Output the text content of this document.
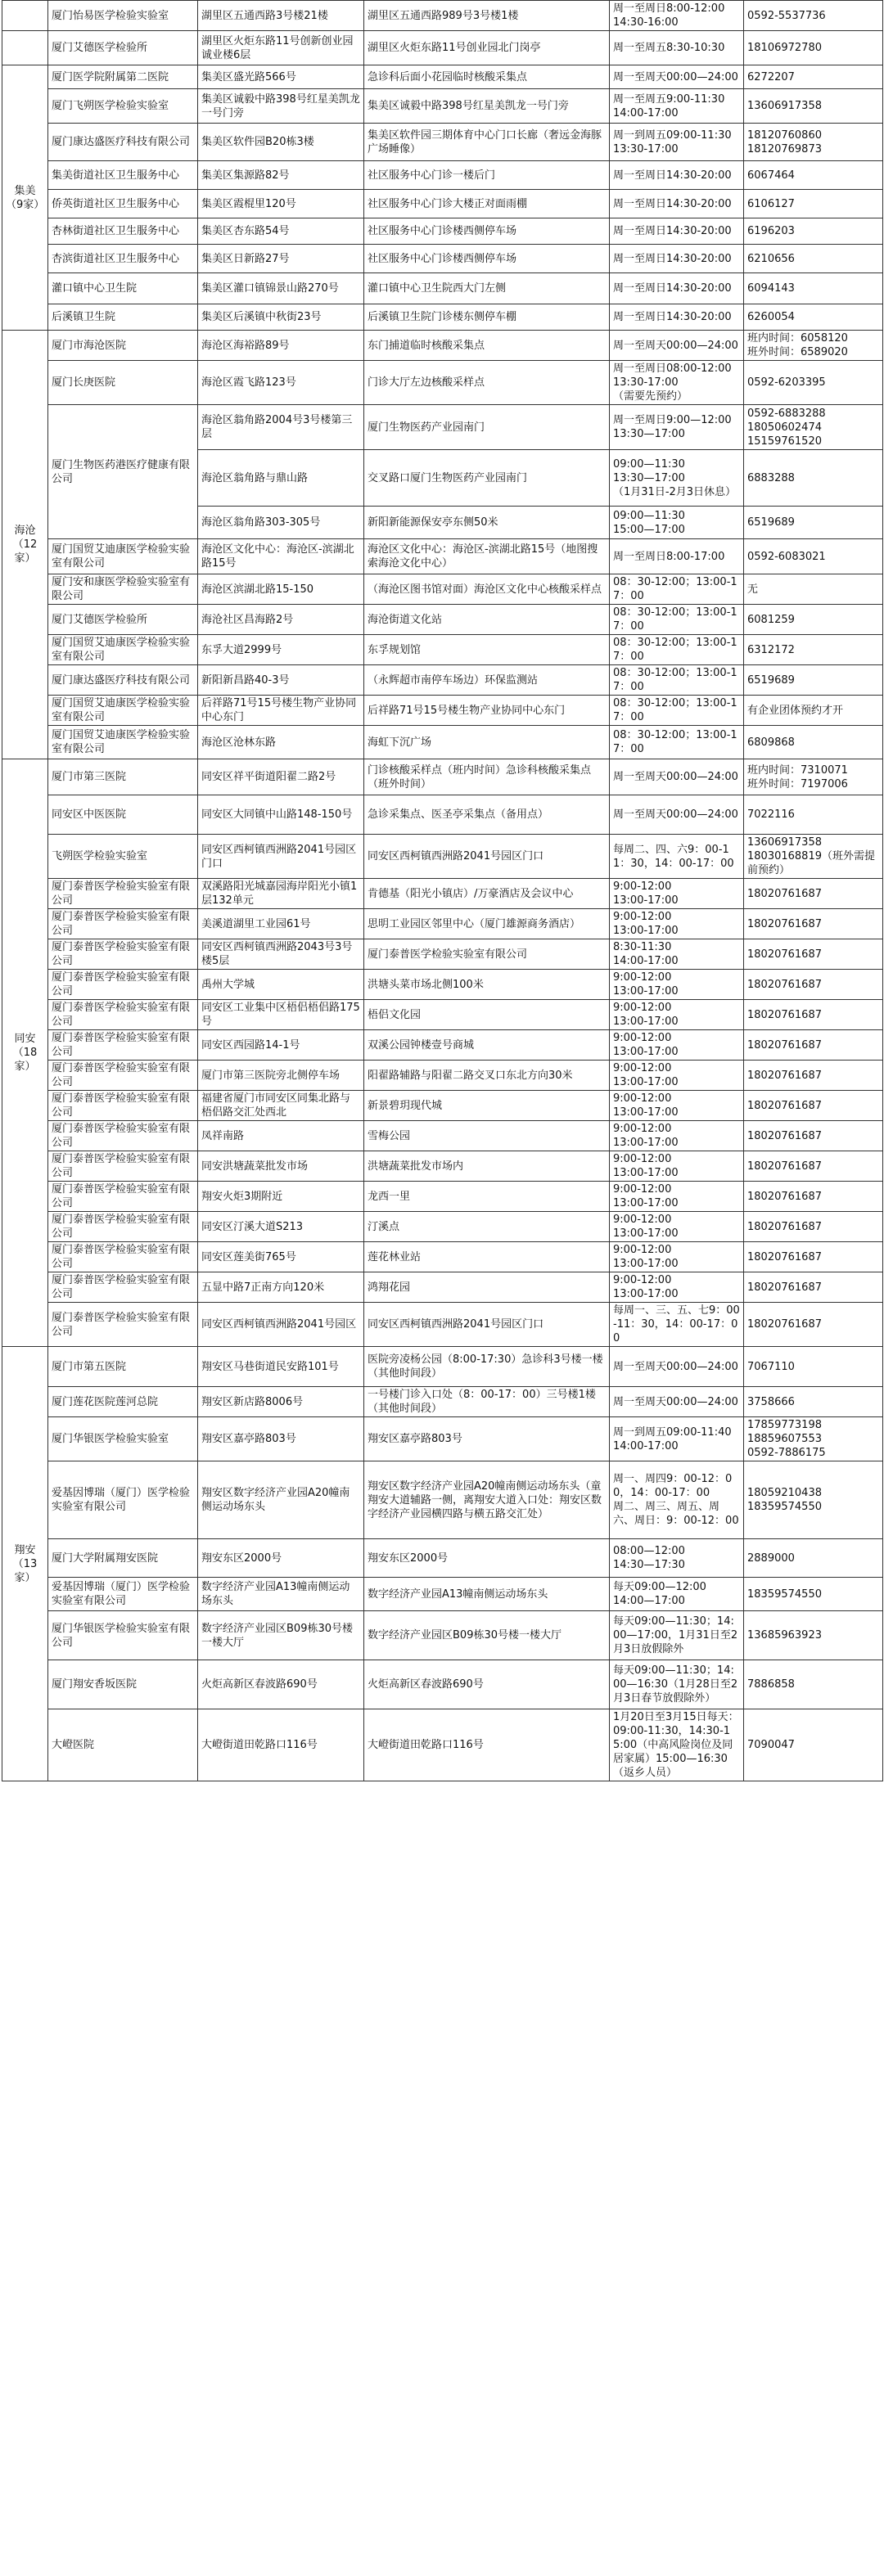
	厦门怡易医学检验实验室	湖里区五通西路3号楼21楼	湖里区五通西路989号3号楼1楼	周一至周日8:00-12:00
14:30-16:00	0592-5537736
	厦门艾德医学检验所	湖里区火炬东路11号创新创业园诚业楼6层	湖里区火炬东路11号创业园北门岗亭	周一至周五8:30-10:30	18106972780
集美（9家）	厦门医学院附属第二医院	集美区盛光路566号	急诊科后面小花园临时核酸采集点	周一至周天00:00—24:00	6272207
	厦门飞朔医学检验实验室	集美区诚毅中路398号红星美凯龙一号门旁	集美区诚毅中路398号红星美凯龙一号门旁	周一至周五9:00-11:30
14:00-17:00	13606917358
	厦门康达盛医疗科技有限公司	集美区软件园B20栋3楼	集美区软件园三期体育中心门口长廊（奢远金海豚广场睡像）	周一到周五09:00-11:30
13:30-17:00	18120760860
18120769873
	集美街道社区卫生服务中心	集美区集源路82号	社区服务中心门诊一楼后门	周一至周日14:30-20:00	6067464
	侨英街道社区卫生服务中心	集美区霞棍里120号	社区服务中心门诊大楼正对面雨棚	周一至周日14:30-20:00	6106127
	杏林街道社区卫生服务中心	集美区杏东路54号	社区服务中心门诊楼西侧停车场	周一至周日14:30-20:00	6196203
	杏滨街道社区卫生服务中心	集美区日新路27号	社区服务中心门诊楼西侧停车场	周一至周日14:30-20:00	6210656
	灌口镇中心卫生院	集美区灌口镇锦景山路270号	灌口镇中心卫生院西大门左侧	周一至周日14:30-20:00	6094143
	后溪镇卫生院	集美区后溪镇中秋街23号	后溪镇卫生院门诊楼东侧停车棚	周一至周日14:30-20:00	6260054
海沧（12家）	厦门市海沧医院	海沧区海裕路89号	东门捕道临时核酸采集点	周一至周天00:00—24:00	班内时间：6058120
班外时间：6589020
	厦门长庚医院	海沧区霞飞路123号	门诊大厅左边核酸采样点	周一至周日08:00-12:00
13:30-17:00
（需要先预约）	0592-6203395
	厦门生物医药港医疗健康有限公司	海沧区翁角路2004号3号楼第三层	厦门生物医药产业园南门	周一至周日9:00—12:00
13:30—17:00	0592-6883288
18050602474
15159761520
		海沧区翁角路与鼎山路	交叉路口厦门生物医药产业园南门	09:00—11:30
13:30—17:00
（1月31日-2月3日休息）	6883288
		海沧区翁角路303-305号	新阳新能源保安亭东侧50米	09:00—11:30
15:00—17:00	6519689
	厦门国贸艾迪康医学检验实验室有限公司	海沧区文化中心：海沧区-滨湖北路15号	海沧区文化中心：海沧区-滨湖北路15号（地图搜索海沧文化中心）	周一至周日8:00-17:00	0592-6083021
	厦门安和康医学检验实验室有限公司	海沧区滨湖北路15-150	（海沧区图书馆对面）海沧区文化中心核酸采样点	08：30-12:00；13:00-17：00	无
	厦门艾德医学检验所	海沧社区昌海路2号	海沧街道文化站	08：30-12:00；13:00-17：00	6081259
	厦门国贸艾迪康医学检验实验室有限公司	东孚大道2999号	东孚规划馆	08：30-12:00；13:00-17：00	6312172
	厦门康达盛医疗科技有限公司	新阳新昌路40-3号	（永辉超市南停车场边）环保监测站	08：30-12:00；13:00-17：00	6519689
	厦门国贸艾迪康医学检验实验室有限公司	后祥路71号15号楼生物产业协同中心东门	后祥路71号15号楼生物产业协同中心东门	08：30-12:00；13:00-17：00	有企业团体预约才开
	厦门国贸艾迪康医学检验实验室有限公司	海沧区沧林东路	海虹下沉广场	08：30-12:00；13:00-17：00	6809868
同安（18家）	厦门市第三医院	同安区祥平街道阳翟二路2号	门诊核酸采样点（班内时间）急诊科核酸采集点（班外时间）	周一至周天00:00—24:00	班内时间：7310071
班外时间：7197006
	同安区中医医院	同安区大同镇中山路148-150号	急诊采集点、医圣亭采集点（备用点）	周一至周天00:00—24:00	7022116
	飞朔医学检验实验室	同安区西柯镇西洲路2041号园区门口	同安区西柯镇西洲路2041号园区门口	每周二、四、六9：00-11：30，14：00-17：00	13606917358
18030168819（班外需提前预约）
	厦门泰普医学检验实验室有限公司	双溪路阳光城嘉园海岸阳光小镇1层132单元	肯德基（阳光小镇店）/万豪酒店及会议中心	9:00-12:00
13:00-17:00	18020761687
	厦门泰普医学检验实验室有限公司	美溪道湖里工业园61号	思明工业园区邻里中心（厦门雄源商务酒店）	9:00-12:00
13:00-17:00	18020761687
	厦门泰普医学检验实验室有限公司	同安区西柯镇西洲路2043号3号楼5层	厦门泰普医学检验实验室有限公司	8:30-11:30
14:00-17:00	18020761687
	厦门泰普医学检验实验室有限公司	禹州大学城	洪塘头菜市场北侧100米	9:00-12:00
13:00-17:00	18020761687
	厦门泰普医学检验实验室有限公司	同安区工业集中区梧侣梧侣路175号	梧侣文化园	9:00-12:00
13:00-17:00	18020761687
	厦门泰普医学检验实验室有限公司	同安区西园路14-1号	双溪公园钟楼壹号商城	9:00-12:00
13:00-17:00	18020761687
	厦门泰普医学检验实验室有限公司	厦门市第三医院旁北侧停车场	阳翟路辅路与阳翟二路交叉口东北方向30米	9:00-12:00
13:00-17:00	18020761687
	厦门泰普医学检验实验室有限公司	福建省厦门市同安区同集北路与梧侣路交汇处西北	新景碧玥现代城	9:00-12:00
13:00-17:00	18020761687
	厦门泰普医学检验实验室有限公司	凤祥南路	雪梅公园	9:00-12:00
13:00-17:00	18020761687
	厦门泰普医学检验实验室有限公司	同安洪塘蔬菜批发市场	洪塘蔬菜批发市场内	9:00-12:00
13:00-17:00	18020761687
	厦门泰普医学检验实验室有限公司	翔安火炬3期附近	龙西一里	9:00-12:00
13:00-17:00	18020761687
	厦门泰普医学检验实验室有限公司	同安区汀溪大道S213	汀溪点	9:00-12:00
13:00-17:00	18020761687
	厦门泰普医学检验实验室有限公司	同安区莲美街765号	莲花林业站	9:00-12:00
13:00-17:00	18020761687
	厦门泰普医学检验实验室有限公司	五显中路7正南方向120米	鸿翔花园	9:00-12:00
13:00-17:00	18020761687
	厦门泰普医学检验实验室有限公司	同安区西柯镇西洲路2041号园区	同安区西柯镇西洲路2041号园区门口	每周一、三、五、七9：00-11：30，14：00-17：00	18020761687
翔安（13家）	厦门市第五医院	翔安区马巷街道民安路101号	医院旁凌杨公园（8:00-17:30）急诊科3号楼一楼（其他时间段）	周一至周天00:00—24:00	7067110
	厦门莲花医院莲河总院	翔安区新店路8006号	一号楼门诊入口处（8：00-17：00）三号楼1楼（其他时间段）	周一至周天00:00—24:00	3758666
	厦门华银医学检验实验室	翔安区嘉亭路803号	翔安区嘉亭路803号	周一到周五09:00-11:40
14:00-17:00	17859773198
18859607553
0592-7886175
	爱基因博瑞（厦门）医学检验实验室有限公司	翔安区数字经济产业园A20幢南侧运动场东头	翔安区数字经济产业园A20幢南侧运动场东头（童翔安大道辅路一侧，离翔安大道入口处：翔安区数字经济产业园横四路与横五路交汇处）	周一、周四9：00-12：00，14：00-17：00
周二、周三、周五、周六、周日：9：00-12：00	18059210438
18359574550
	厦门大学附属翔安医院	翔安东区2000号	翔安东区2000号	08:00—12:00
14:30—17:30	2889000
	爱基因博瑞（厦门）医学检验实验室有限公司	数字经济产业园A13幢南侧运动场东头	数字经济产业园A13幢南侧运动场东头	每天09:00—12:00
14:00—17:00	18359574550
	厦门华银医学检验实验室有限公司	数字经济产业园区B09栋30号楼一楼大厅	数字经济产业园区B09栋30号楼一楼大厅	每天09:00—11:30；14:00—17:00，1月31日至2月3日放假除外	13685963923
	厦门翔安香坂医院	火炬高新区春波路690号	火炬高新区春波路690号	每天09:00—11:30；14:00—16:30（1月28日至2月3日春节放假除外）	7886858
	大嶝医院	大嶝街道田乾路口116号	大嶝街道田乾路口116号	1月20日至3月15日每天：09:00-11:30，14:30-15:00（中高风险岗位及同居家属）15:00—16:30（返乡人员）	7090047
